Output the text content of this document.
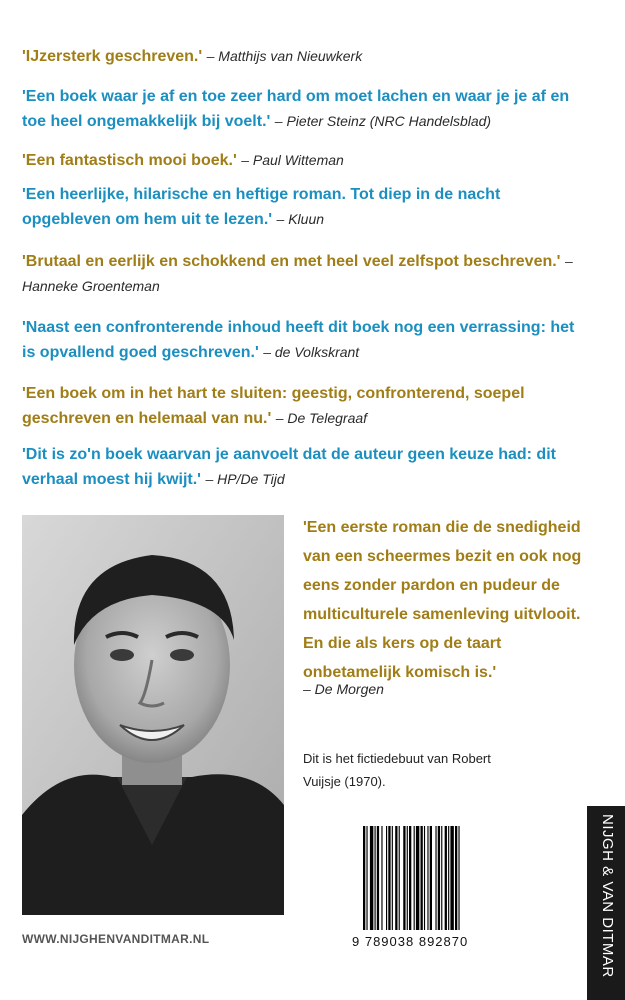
'IJzersterk geschreven.' – Matthijs van Nieuwkerk
'Een boek waar je af en toe zeer hard om moet lachen en waar je je af en toe heel ongemakkelijk bij voelt.' – Pieter Steinz (NRC Handelsblad)
'Een fantastisch mooi boek.' – Paul Witteman
'Een heerlijke, hilarische en heftige roman. Tot diep in de nacht opgebleven om hem uit te lezen.' – Kluun
'Brutaal en eerlijk en schokkend en met heel veel zelfspot beschreven.' – Hanneke Groenteman
'Naast een confronterende inhoud heeft dit boek nog een verrassing: het is opvallend goed geschreven.' – de Volkskrant
'Een boek om in het hart te sluiten: geestig, confronterend, soepel geschreven en helemaal van nu.' – De Telegraaf
'Dit is zo'n boek waarvan je aanvoelt dat de auteur geen keuze had: dit verhaal moest hij kwijt.' – HP/De Tijd
'Een eerste roman die de snedigheid van een scheermes bezit en ook nog eens zonder pardon en pudeur de multiculturele samenleving uitvlooit. En die als kers op de taart onbetamelijk komisch is.'
– De Morgen
Dit is het fictiedebuut van Robert Vuijsje (1970).
9 789038 892870
WWW.NIJGHENVANDITMAR.NL	NIJGH & VAN DITMAR
